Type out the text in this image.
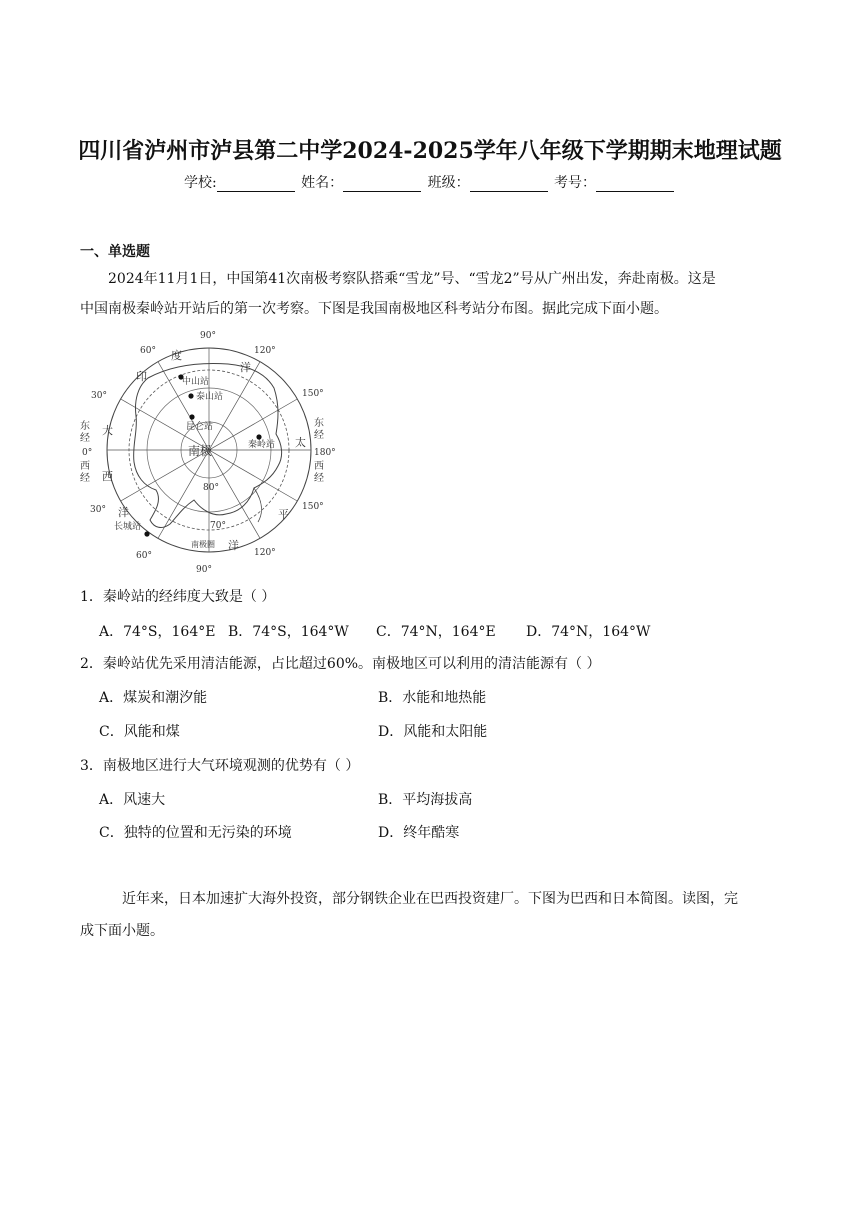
四川省泸州市泸县第二中学2024-2025学年八年级下学期期末地理试题
学校:	姓名：	班级：	考号：
一、单选题
2024年11月1日，中国第41次南极考察队搭乘“雪龙”号、“雪龙2”号从广州出发，奔赴南极。这是
中国南极秦岭站开站后的第一次考察。下图是我国南极地区科考站分布图。据此完成下面小题。
90°
60°	120°
30°	150°
0°	180°
30°	150°
60°	120°
90°
东
经
西
经
东
经
西
经
度
印
洋
大
西
洋
太
平
洋
80°
70°
南极圈
南极
中山站
泰山站
昆仑站
秦岭站
长城站
1．秦岭站的经纬度大致是（ ）
A．74°S，164°E B．74°S，164°W C．74°N，164°E D．74°N，164°W
2．秦岭站优先采用清洁能源，占比超过60%。南极地区可以利用的清洁能源有（ ）
A．煤炭和潮汐能	B．水能和地热能
C．风能和煤	D．风能和太阳能
3．南极地区进行大气环境观测的优势有（ ）
A．风速大	B．平均海拔高
C．独特的位置和无污染的环境	D．终年酷寒
近年来，日本加速扩大海外投资，部分钢铁企业在巴西投资建厂。下图为巴西和日本简图。读图，完
成下面小题。
